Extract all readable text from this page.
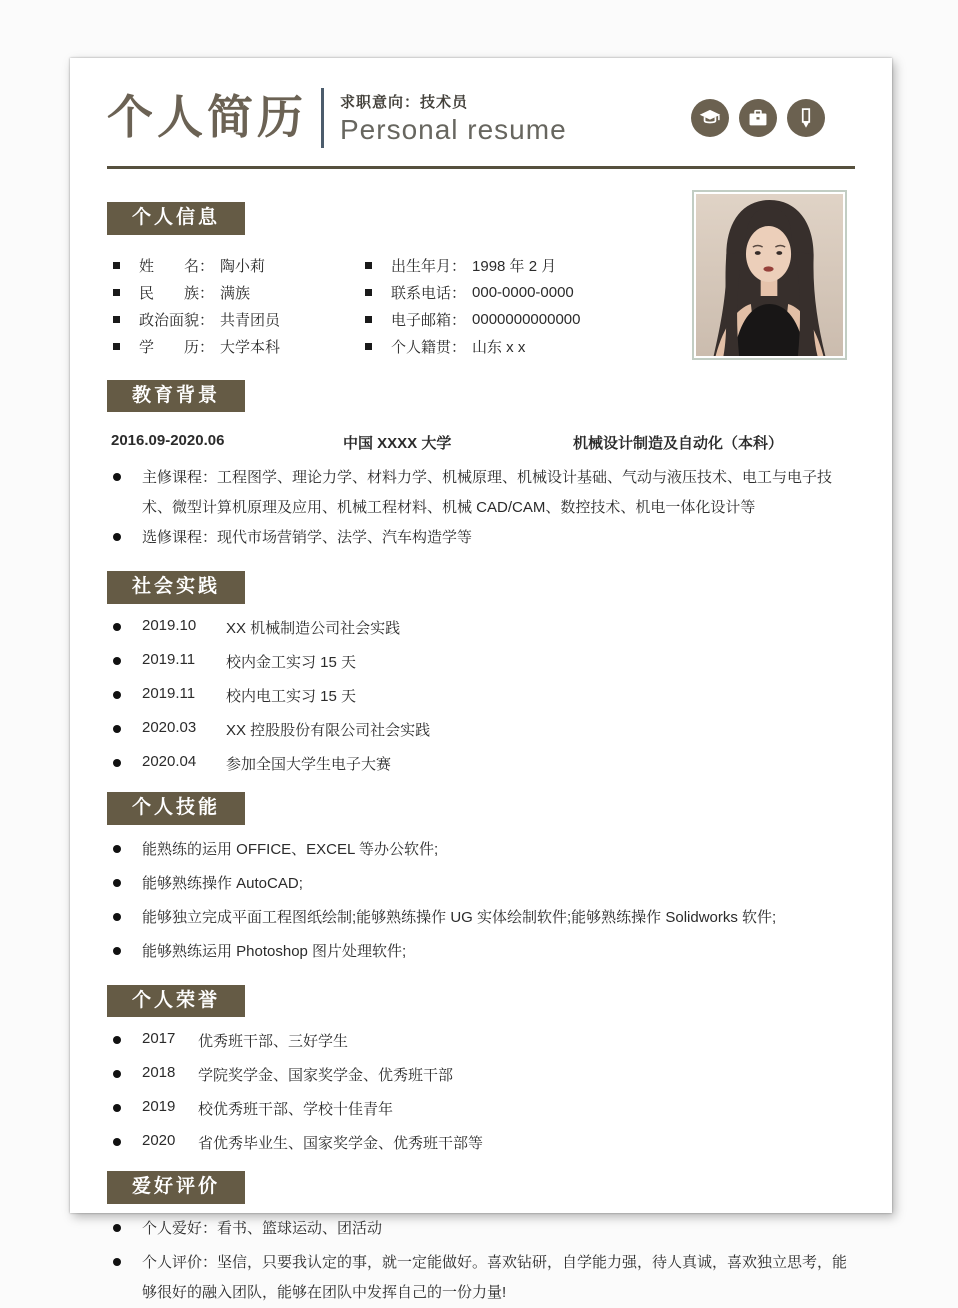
个人简历 求职意向：技术员
Personal resume
个人信息
姓　　名： 陶小莉
民　　族： 满族
政治面貌： 共青团员
学　　历： 大学本科
出生年月： 1998 年 2 月
联系电话： 000-0000-0000
电子邮箱： 0000000000000
个人籍贯： 山东 x x
教育背景
2016.09-2020.06	中国 XXXX 大学	机械设计制造及自动化（本科）
主修课程：工程图学、理论力学、材料力学、机械原理、机械设计基础、气动与液压技术、电工与电子技术、微型计算机原理及应用、机械工程材料、机械 CAD/CAM、数控技术、机电一体化设计等
选修课程：现代市场营销学、法学、汽车构造学等
社会实践
2019.10	XX 机械制造公司社会实践
2019.11	校内金工实习 15 天
2019.11	校内电工实习 15 天
2020.03	XX 控股股份有限公司社会实践
2020.04	参加全国大学生电子大赛
个人技能
能熟练的运用 OFFICE、EXCEL 等办公软件;
能够熟练操作 AutoCAD;
能够独立完成平面工程图纸绘制;能够熟练操作 UG 实体绘制软件;能够熟练操作 Solidworks 软件;
能够熟练运用 Photoshop 图片处理软件;
个人荣誉
2017	优秀班干部、三好学生
2018	学院奖学金、国家奖学金、优秀班干部
2019	校优秀班干部、学校十佳青年
2020	省优秀毕业生、国家奖学金、优秀班干部等
爱好评价
个人爱好：看书、篮球运动、团活动
个人评价：坚信，只要我认定的事，就一定能做好。喜欢钻研，自学能力强，待人真诚，喜欢独立思考，能够很好的融入团队，能够在团队中发挥自己的一份力量!
